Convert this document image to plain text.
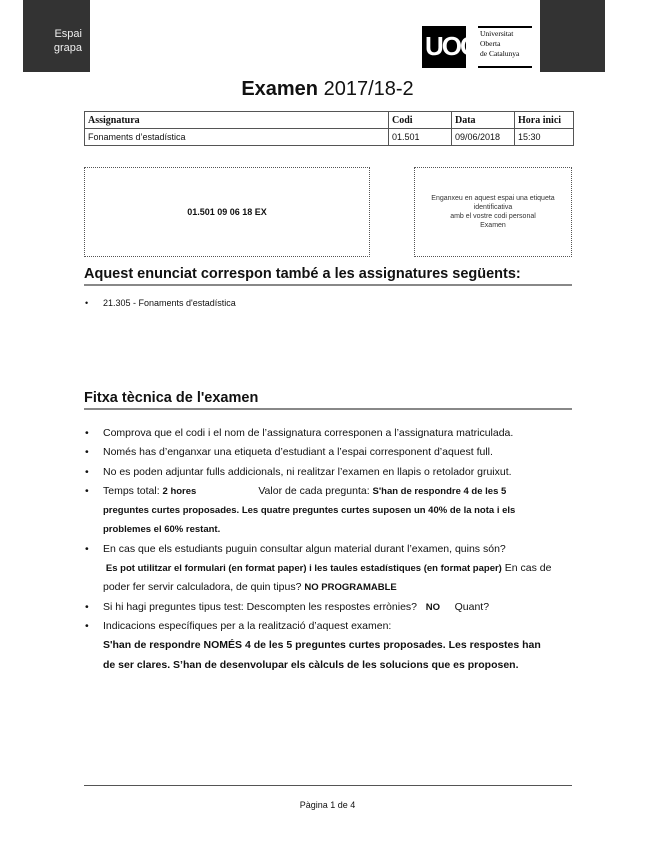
Espai
grapa	UOC Universitat
Oberta
de Catalunya
Examen 2017/18-2
Assignatura	Codi	Data	Hora inici
Fonaments d’estadística	01.501	09/06/2018	15:30
01.501 09 06 18 EX
Enganxeu en aquest espai una etiqueta
identificativa
amb el vostre codi personal
Examen
Aquest enunciat correspon també a les assignatures següents:
• 21.305 - Fonaments d'estadística
Fitxa tècnica de l'examen
• Comprova que el codi i el nom de l’assignatura corresponen a l’assignatura matriculada.
• Només has d’enganxar una etiqueta d’estudiant a l’espai corresponent d’aquest full.
• No es poden adjuntar fulls addicionals, ni realitzar l’examen en llapis o retolador gruixut.
• Temps total: 2 hores	Valor de cada pregunta: S'han de respondre 4 de les 5 preguntes curtes proposades. Les quatre preguntes curtes suposen un 40% de la nota i els problemes el 60% restant.
• En cas que els estudiants puguin consultar algun material durant l’examen, quins són?
Es pot utilitzar el formulari (en format paper) i les taules estadístiques (en format paper) En cas de poder fer servir calculadora, de quin tipus? NO PROGRAMABLE
• Si hi hagi preguntes tipus test: Descompten les respostes errònies?   NO Quant?
• Indicacions específiques per a la realització d’aquest examen:
S'han de respondre NOMÉS 4 de les 5 preguntes curtes proposades. Les respostes han de ser clares. S’han de desenvolupar els càlculs de les solucions que es proposen.
Pàgina 1 de 4
